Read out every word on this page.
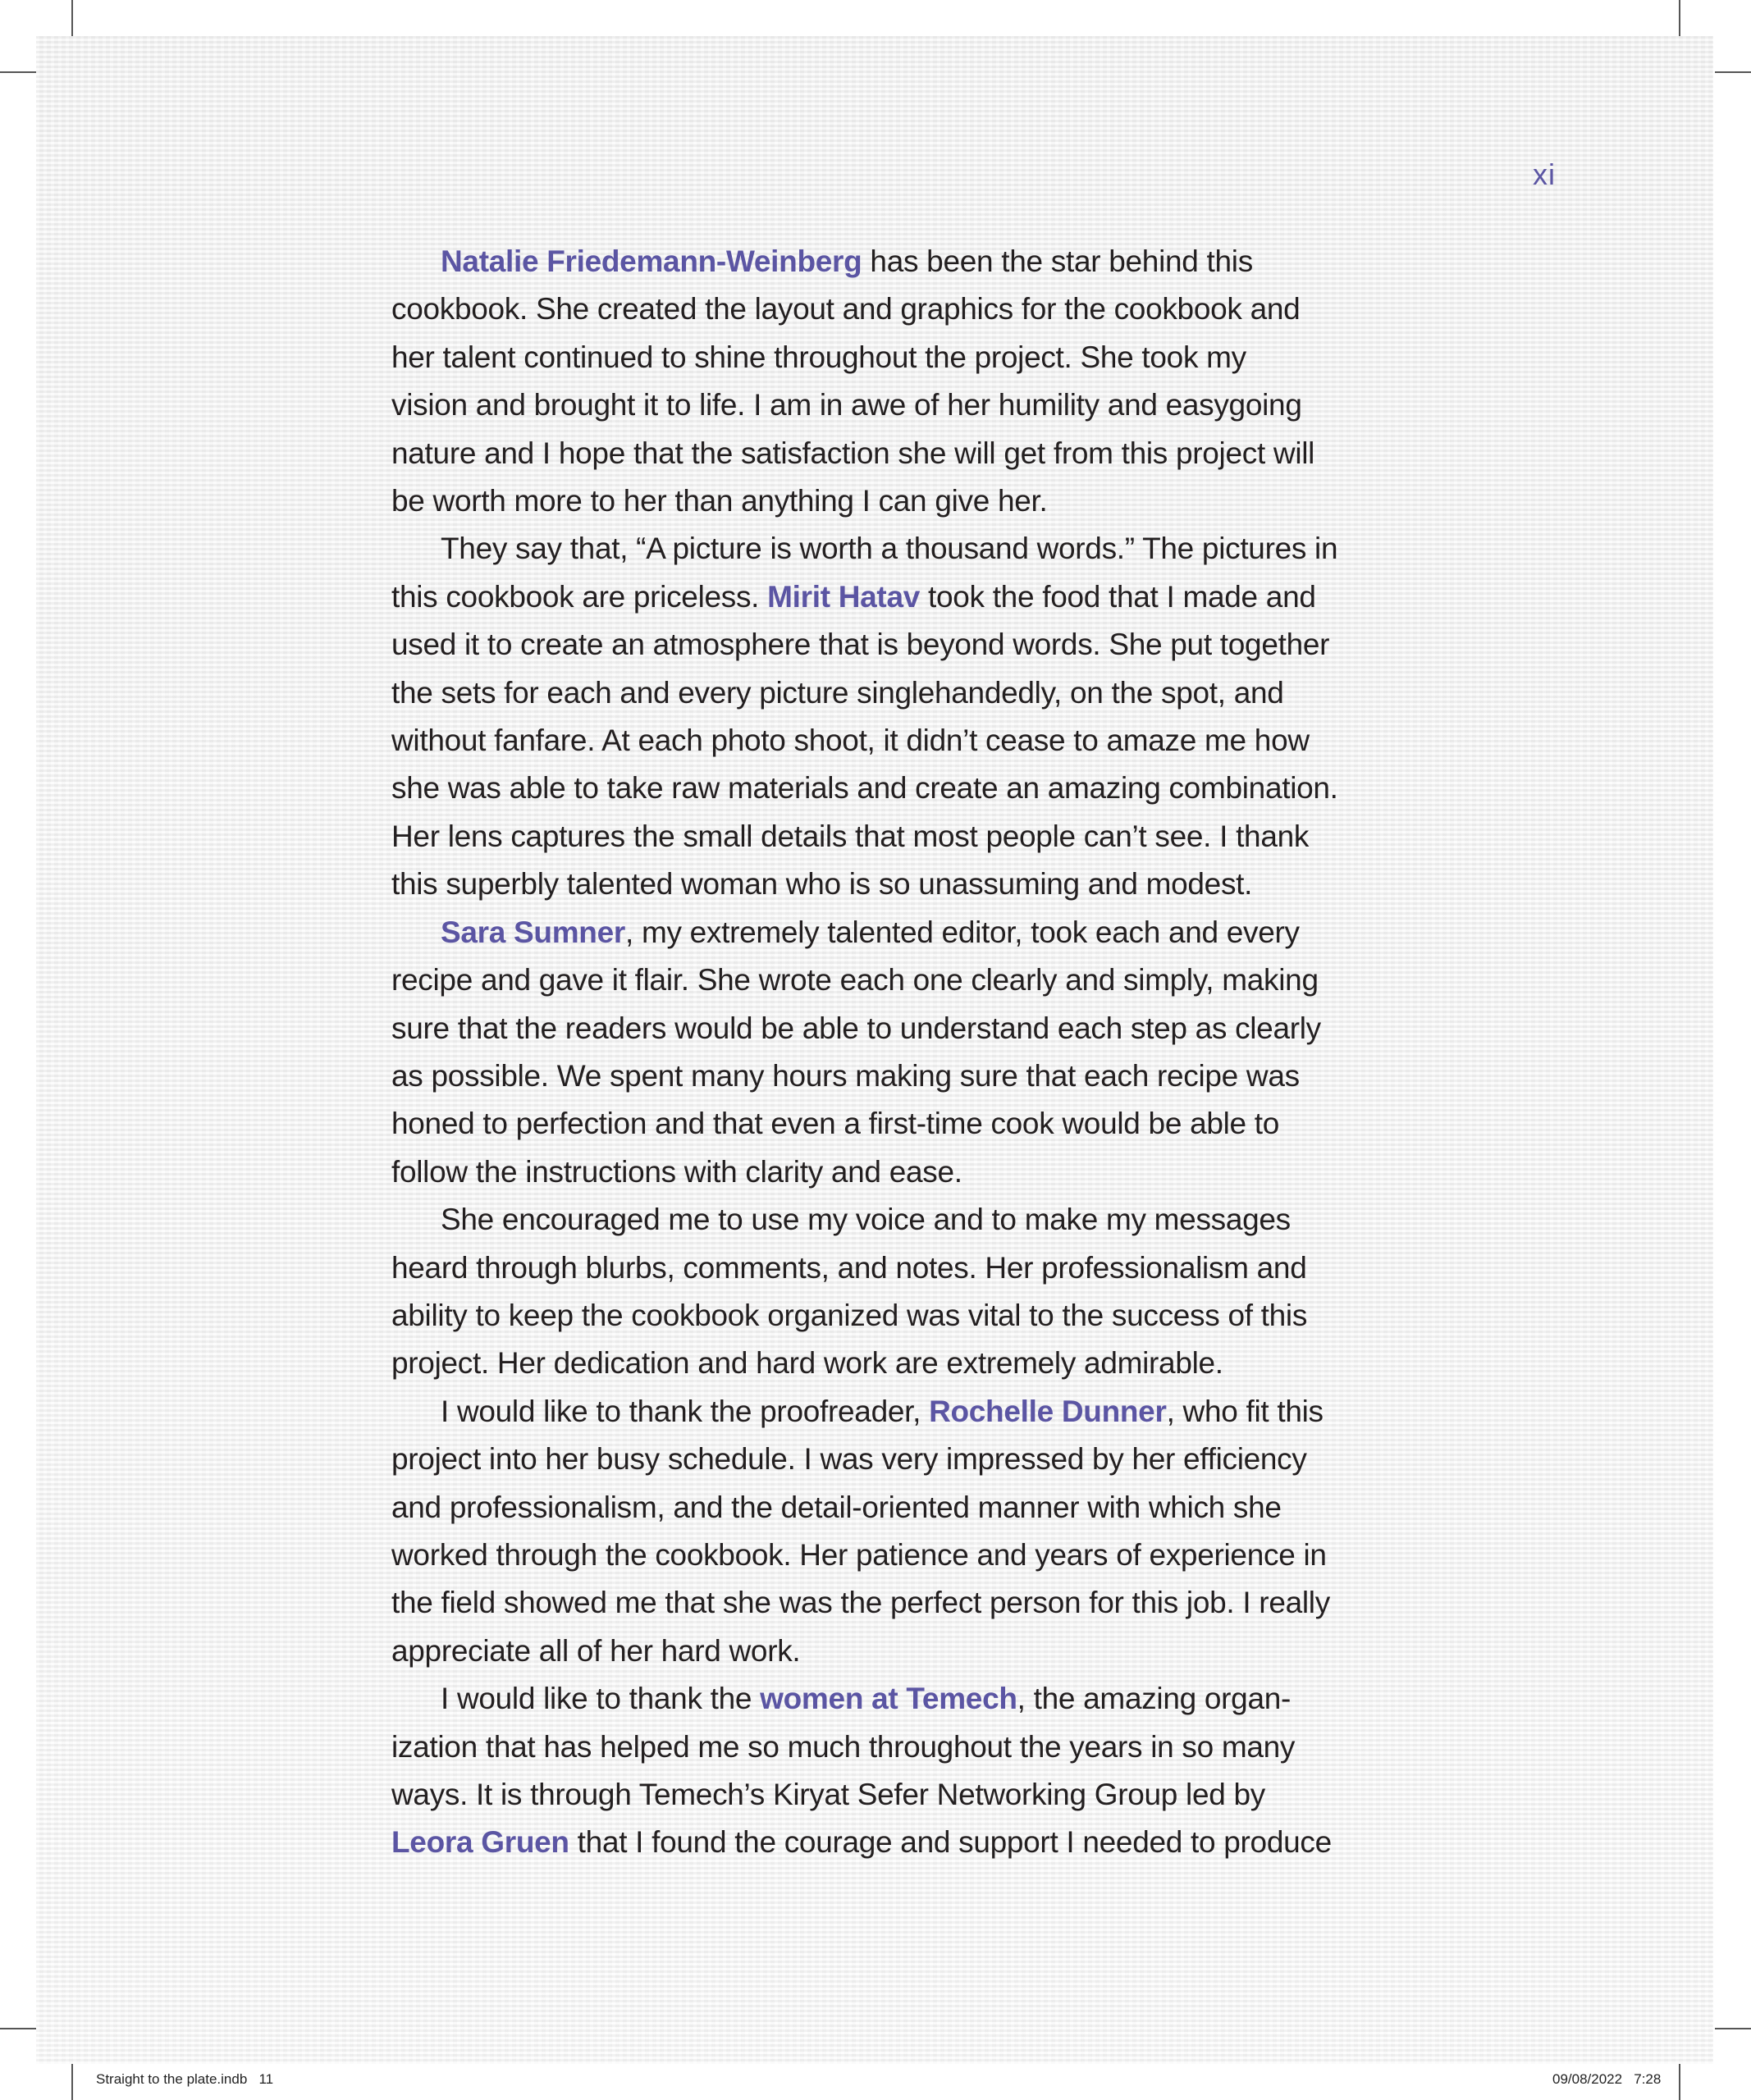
xi
Natalie Friedemann-Weinberg has been the star behind this
cookbook. She created the layout and graphics for the cookbook and
her talent continued to shine throughout the project. She took my
vision and brought it to life. I am in awe of her humility and easygoing
nature and I hope that the satisfaction she will get from this project will
be worth more to her than anything I can give her.
They say that, “A picture is worth a thousand words.” The pictures in
this cookbook are priceless. Mirit Hatav took the food that I made and
used it to create an atmosphere that is beyond words. She put together
the sets for each and every picture singlehandedly, on the spot, and
without fanfare. At each photo shoot, it didn’t cease to amaze me how
she was able to take raw materials and create an amazing combination.
Her lens captures the small details that most people can’t see. I thank
this superbly talented woman who is so unassuming and modest.
Sara Sumner, my extremely talented editor, took each and every
recipe and gave it flair. She wrote each one clearly and simply, making
sure that the readers would be able to understand each step as clearly
as possible. We spent many hours making sure that each recipe was
honed to perfection and that even a first-time cook would be able to
follow the instructions with clarity and ease.
She encouraged me to use my voice and to make my messages
heard through blurbs, comments, and notes. Her professionalism and
ability to keep the cookbook organized was vital to the success of this
project. Her dedication and hard work are extremely admirable.
I would like to thank the proofreader, Rochelle Dunner, who fit this
project into her busy schedule. I was very impressed by her efficiency
and professionalism, and the detail-oriented manner with which she
worked through the cookbook. Her patience and years of experience in
the field showed me that she was the perfect person for this job. I really
appreciate all of her hard work.
I would like to thank the women at Temech, the amazing organ-
ization that has helped me so much throughout the years in so many
ways. It is through Temech’s Kiryat Sefer Networking Group led by
Leora Gruen that I found the courage and support I needed to produce
Straight to the plate.indb   11	09/08/2022   7:28
